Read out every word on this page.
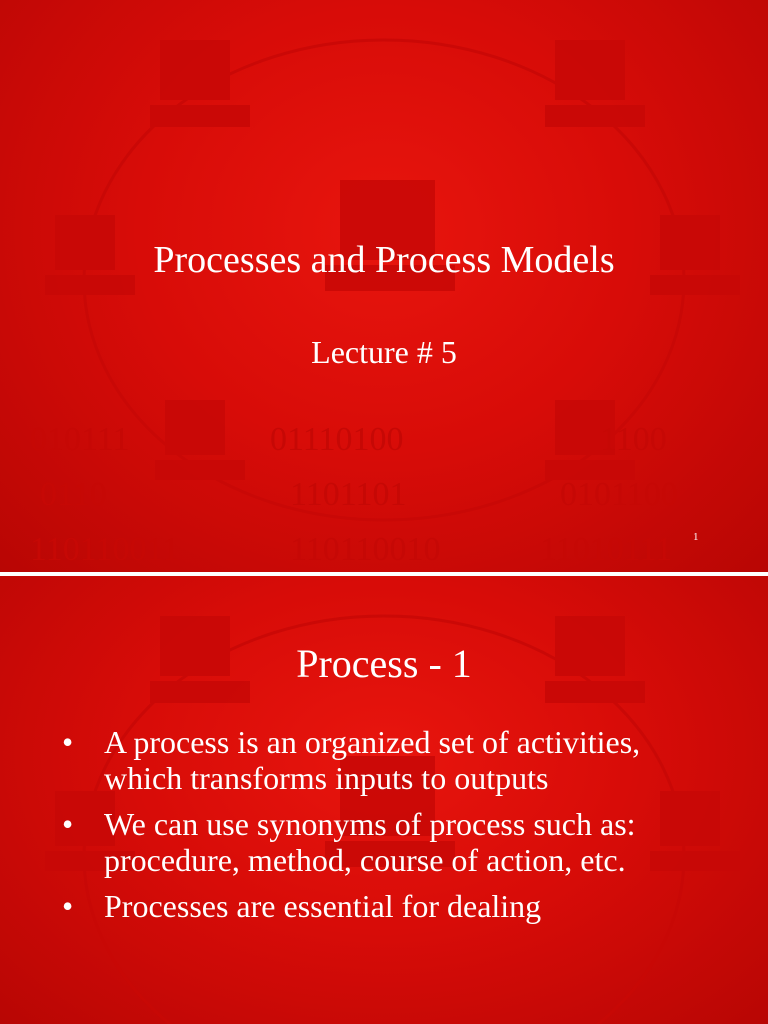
010111	01110100	1100
1101101
0110	0101100
110110011	110110010	11010111
Processes and Process Models
Lecture # 5
1
Process - 1
• A process is an organized set of activities, which transforms inputs to outputs
• We can use synonyms of process such as: procedure, method, course of action, etc.
• Processes are essential for dealing
